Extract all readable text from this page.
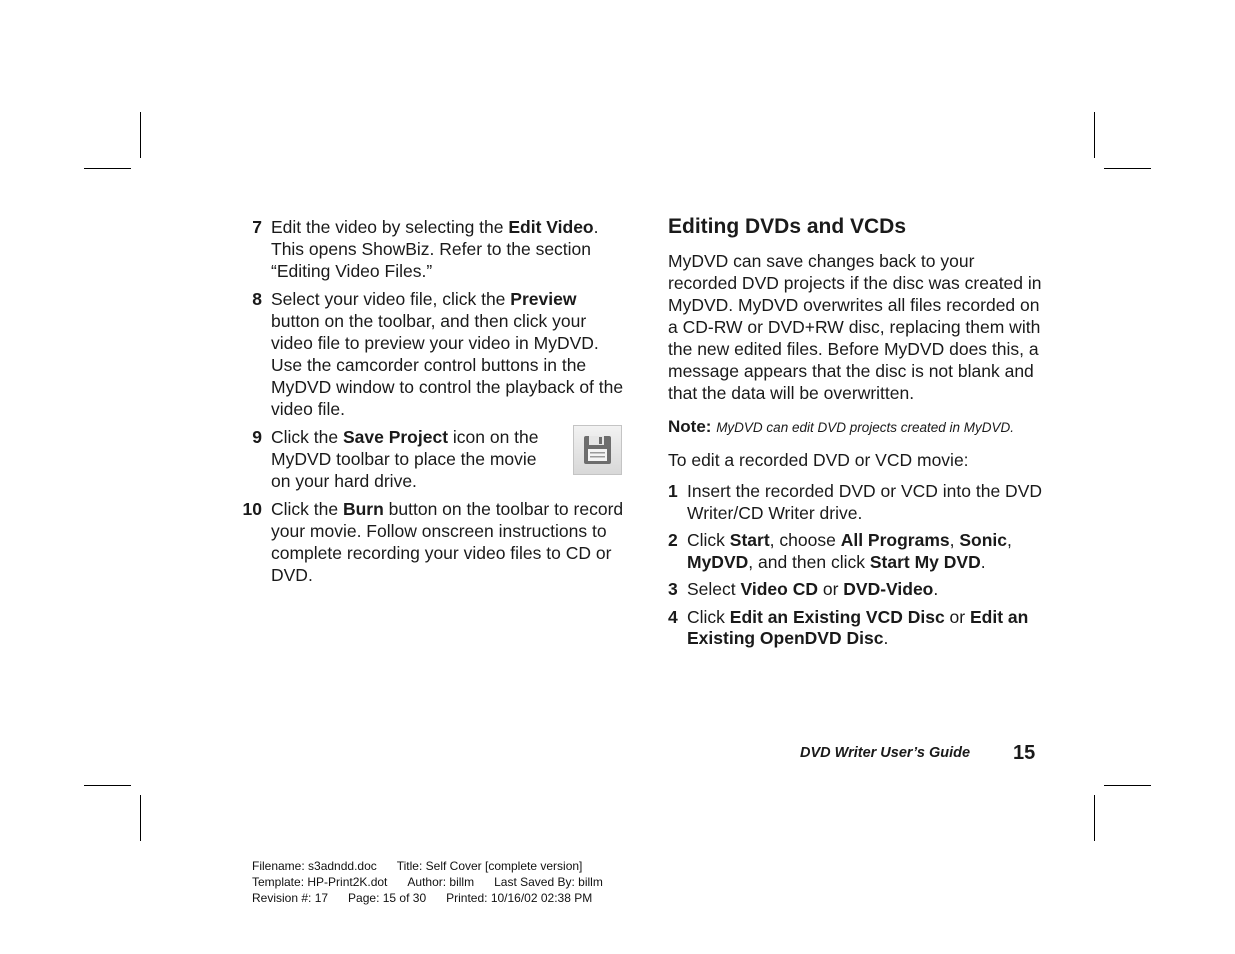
7 Edit the video by selecting the Edit Video. This opens ShowBiz. Refer to the section “Editing Video Files.”
8 Select your video file, click the Preview button on the toolbar, and then click your video file to preview your video in MyDVD. Use the camcorder control buttons in the MyDVD window to control the playback of the video file.
9 Click the Save Project icon on the MyDVD toolbar to place the movie on your hard drive.
10 Click the Burn button on the toolbar to record your movie. Follow onscreen instructions to complete recording your video files to CD or DVD.
Editing DVDs and VCDs

MyDVD can save changes back to your recorded DVD projects if the disc was created in MyDVD. MyDVD overwrites all files recorded on a CD-RW or DVD+RW disc, replacing them with the new edited files. Before MyDVD does this, a message appears that the disc is not blank and that the data will be overwritten.

Note: MyDVD can edit DVD projects created in MyDVD.

To edit a recorded DVD or VCD movie:

1 Insert the recorded DVD or VCD into the DVD Writer/CD Writer drive.
2 Click Start, choose All Programs, Sonic, MyDVD, and then click Start My DVD.
3 Select Video CD or DVD-Video.
4 Click Edit an Existing VCD Disc or Edit an Existing OpenDVD Disc.
DVD Writer User’s Guide 15
Filename: s3adndd.doc Title: Self Cover [complete version]
Template: HP-Print2K.dot Author: billm Last Saved By: billm
Revision #: 17 Page: 15 of 30 Printed: 10/16/02 02:38 PM
